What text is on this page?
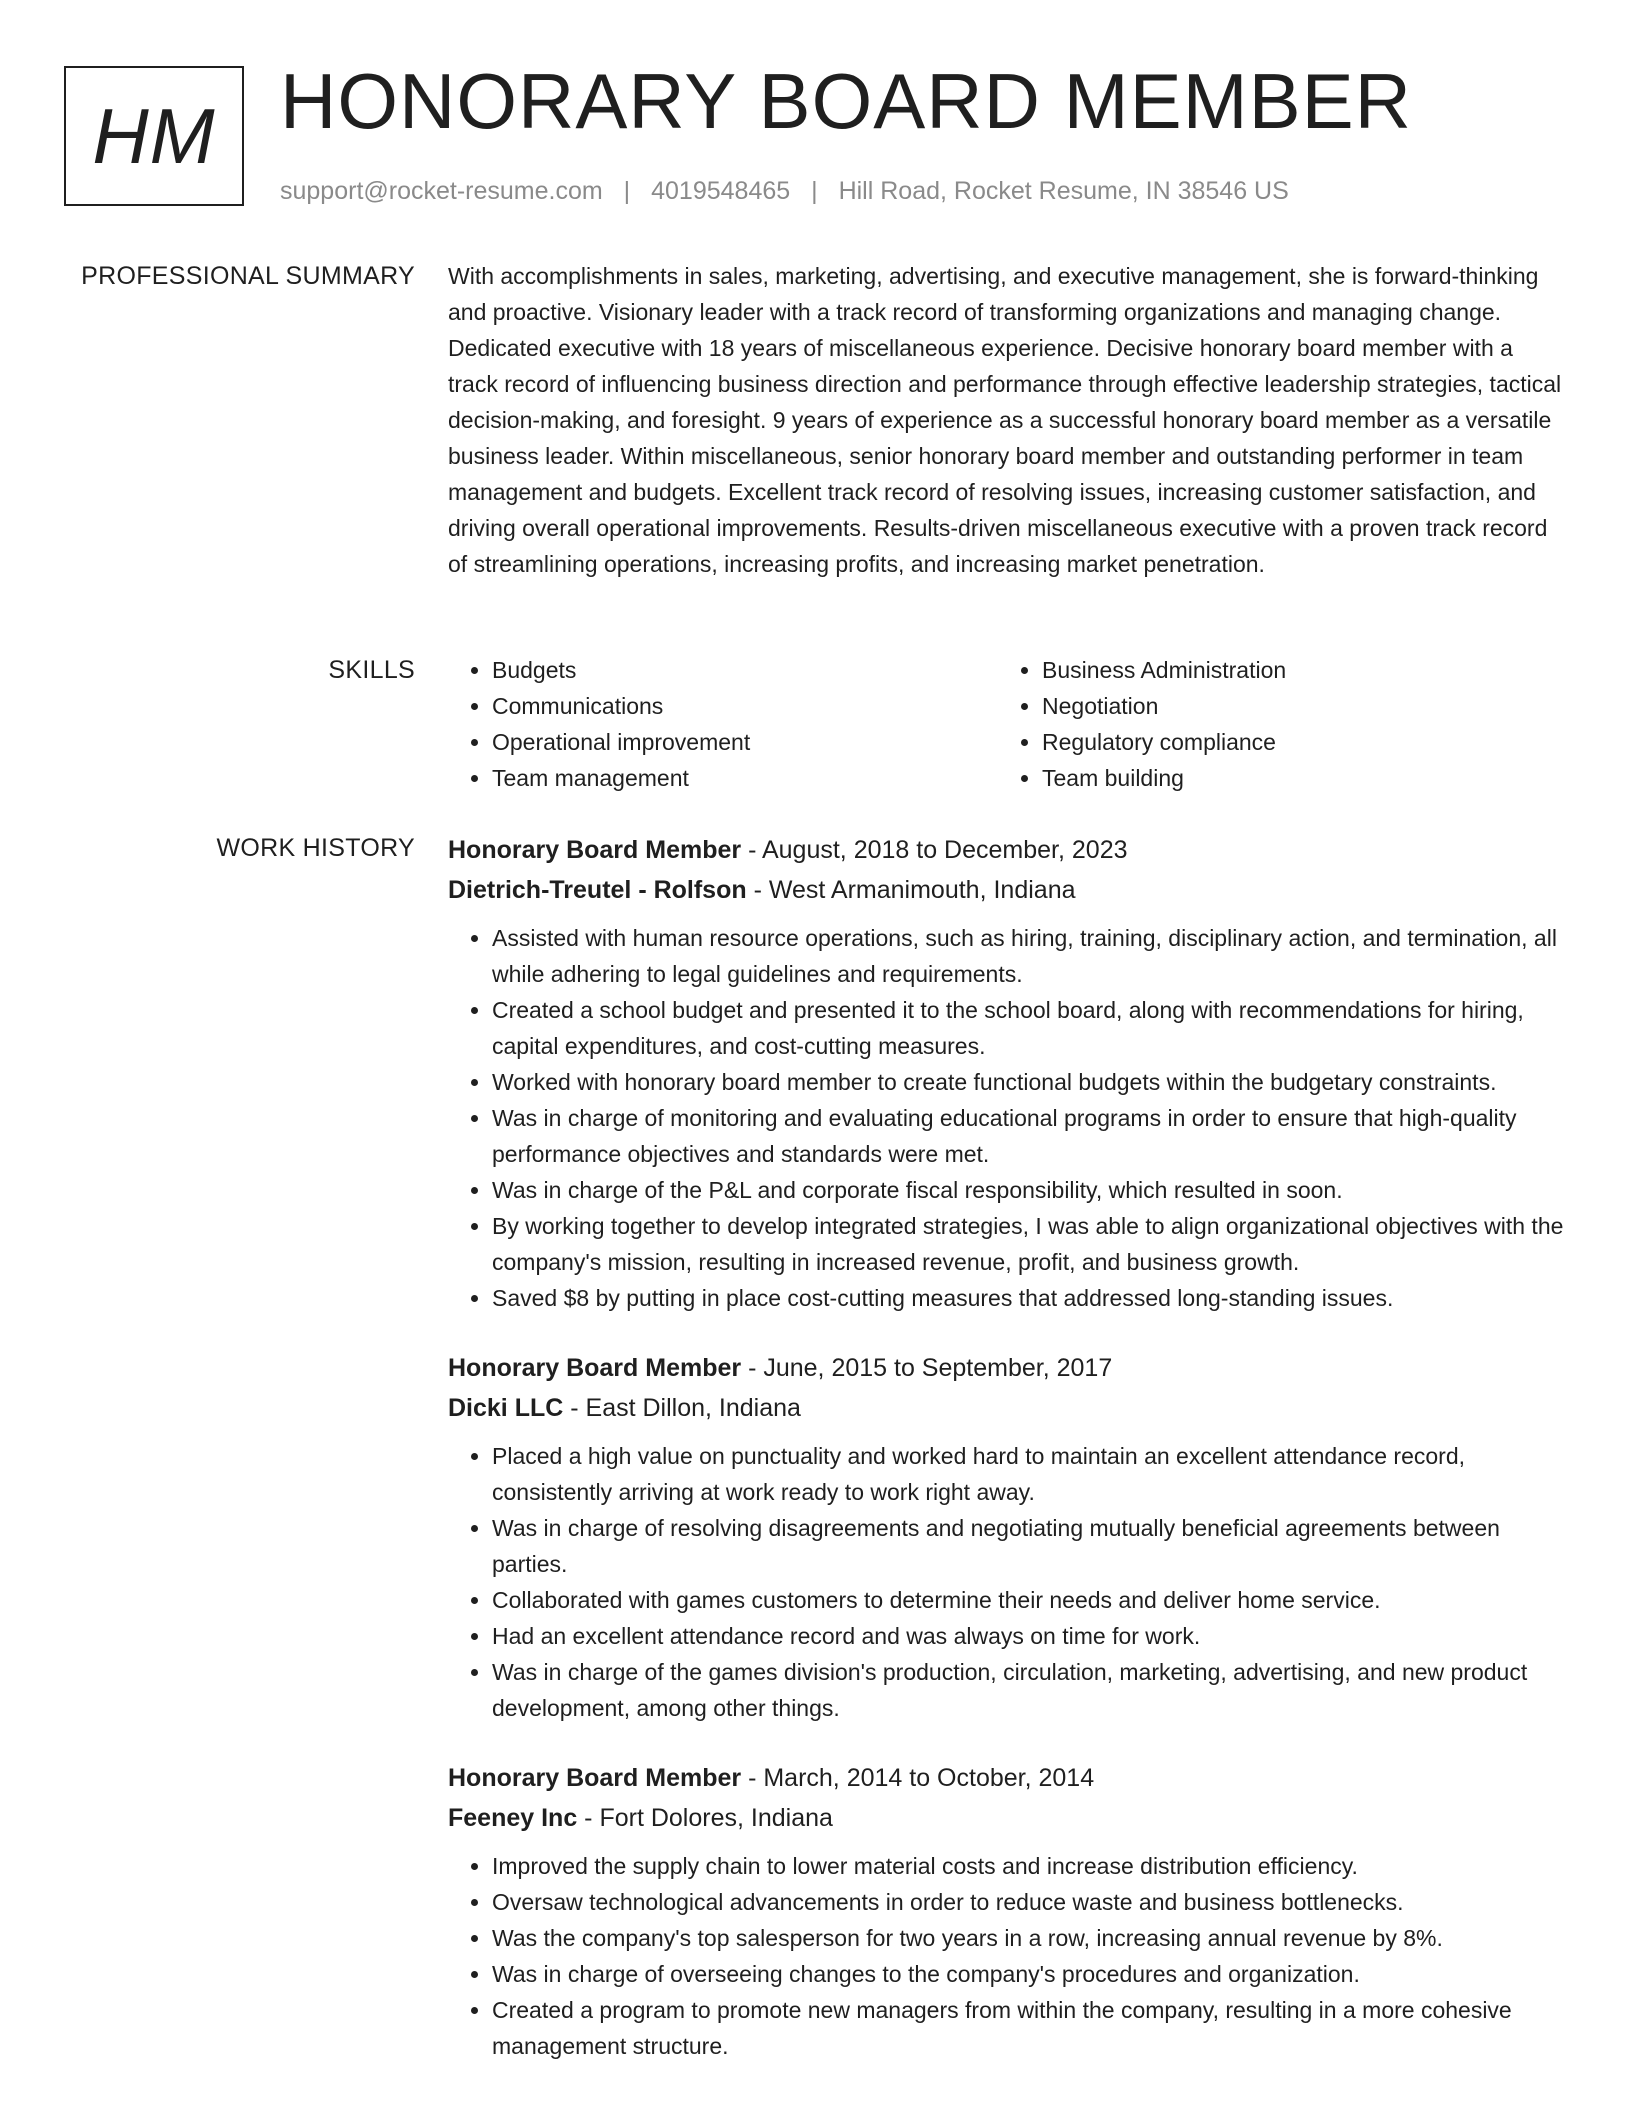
HM HONORARY BOARD MEMBER
support@rocket-resume.com | 4019548465 | Hill Road, Rocket Resume, IN 38546 US
PROFESSIONAL SUMMARY With accomplishments in sales, marketing, advertising, and executive management, she is forward-thinking and proactive. Visionary leader with a track record of transforming organizations and managing change. Dedicated executive with 18 years of miscellaneous experience. Decisive honorary board member with a track record of influencing business direction and performance through effective leadership strategies, tactical decision-making, and foresight. 9 years of experience as a successful honorary board member as a versatile business leader. Within miscellaneous, senior honorary board member and outstanding performer in team management and budgets. Excellent track record of resolving issues, increasing customer satisfaction, and driving overall operational improvements. Results-driven miscellaneous executive with a proven track record of streamlining operations, increasing profits, and increasing market penetration.

SKILLS
•	Budgets
• Communications
• Operational improvement
• Team management
• Business Administration
• Negotiation
• Regulatory compliance
• Team building
WORK HISTORY Honorary Board Member - August, 2018 to December, 2023
Dietrich-Treutel - Rolfson - West Armanimouth, Indiana
• Assisted with human resource operations, such as hiring, training, disciplinary action, and termination, all while adhering to legal guidelines and requirements.
• Created a school budget and presented it to the school board, along with recommendations for hiring, capital expenditures, and cost-cutting measures.
• Worked with honorary board member to create functional budgets within the budgetary constraints.
• Was in charge of monitoring and evaluating educational programs in order to ensure that high-quality performance objectives and standards were met.
• Was in charge of the P&L and corporate fiscal responsibility, which resulted in soon.
• By working together to develop integrated strategies, I was able to align organizational objectives with the company's mission, resulting in increased revenue, profit, and business growth.
• Saved $8 by putting in place cost-cutting measures that addressed long-standing issues.
Honorary Board Member - June, 2015 to September, 2017
Dicki LLC - East Dillon, Indiana
• Placed a high value on punctuality and worked hard to maintain an excellent attendance record, consistently arriving at work ready to work right away.
• Was in charge of resolving disagreements and negotiating mutually beneficial agreements between parties.
• Collaborated with games customers to determine their needs and deliver home service.
• Had an excellent attendance record and was always on time for work.
• Was in charge of the games division's production, circulation, marketing, advertising, and new product development, among other things.
Honorary Board Member - March, 2014 to October, 2014
Feeney Inc - Fort Dolores, Indiana
• Improved the supply chain to lower material costs and increase distribution efficiency.
• Oversaw technological advancements in order to reduce waste and business bottlenecks.
• Was the company's top salesperson for two years in a row, increasing annual revenue by 8%.
• Was in charge of overseeing changes to the company's procedures and organization.
• Created a program to promote new managers from within the company, resulting in a more cohesive management structure.
